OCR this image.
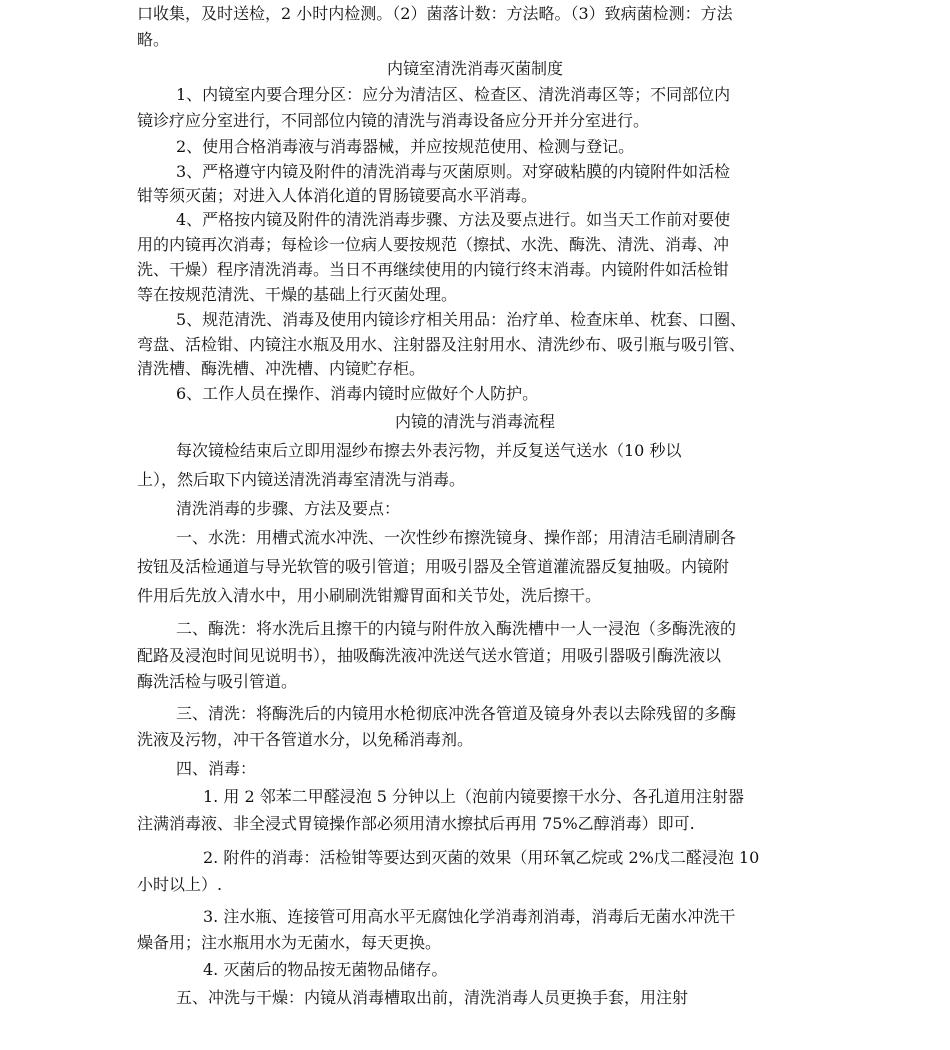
口收集，及时送检，2 小时内检测。（2）菌落计数：方法略。（3）致病菌检测：方法
略。
内镜室清洗消毒灭菌制度
1、内镜室内要合理分区：应分为清洁区、检查区、清洗消毒区等；不同部位内
镜诊疗应分室进行，不同部位内镜的清洗与消毒设备应分开并分室进行。
2、使用合格消毒液与消毒器械，并应按规范使用、检测与登记。
3、严格遵守内镜及附件的清洗消毒与灭菌原则。对穿破粘膜的内镜附件如活检
钳等须灭菌；对进入人体消化道的胃肠镜要高水平消毒。
4、严格按内镜及附件的清洗消毒步骤、方法及要点进行。如当天工作前对要使
用的内镜再次消毒；每检诊一位病人要按规范（擦拭、水洗、酶洗、清洗、消毒、冲
洗、干燥）程序清洗消毒。当日不再继续使用的内镜行终末消毒。内镜附件如活检钳
等在按规范清洗、干燥的基础上行灭菌处理。
5、规范清洗、消毒及使用内镜诊疗相关用品：治疗单、检查床单、枕套、口圈、
弯盘、活检钳、内镜注水瓶及用水、注射器及注射用水、清洗纱布、吸引瓶与吸引管、
清洗槽、酶洗槽、冲洗槽、内镜贮存柜。
6、工作人员在操作、消毒内镜时应做好个人防护。
内镜的清洗与消毒流程
每次镜检结束后立即用湿纱布擦去外表污物，并反复送气送水（10 秒以
上），然后取下内镜送清洗消毒室清洗与消毒。
清洗消毒的步骤、方法及要点：
一、水洗：用槽式流水冲洗、一次性纱布擦洗镜身、操作部；用清洁毛刷清刷各
按钮及活检通道与导光软管的吸引管道；用吸引器及全管道灌流器反复抽吸。内镜附
件用后先放入清水中，用小刷刷洗钳瓣胃面和关节处，洗后擦干。
二、酶洗：将水洗后且擦干的内镜与附件放入酶洗槽中一人一浸泡（多酶洗液的
配路及浸泡时间见说明书），抽吸酶洗液冲洗送气送水管道；用吸引器吸引酶洗液以
酶洗活检与吸引管道。
三、清洗：将酶洗后的内镜用水枪彻底冲洗各管道及镜身外表以去除残留的多酶
洗液及污物，冲干各管道水分，以免稀消毒剂。
四、消毒：
1. 用 2 邻苯二甲醛浸泡 5 分钟以上（泡前内镜要擦干水分、各孔道用注射器
注满消毒液、非全浸式胃镜操作部必须用清水擦拭后再用 75%乙醇消毒）即可.
2. 附件的消毒：活检钳等要达到灭菌的效果（用环氧乙烷或 2%戊二醛浸泡 10
小时以上）.
3. 注水瓶、连接管可用高水平无腐蚀化学消毒剂消毒，消毒后无菌水冲洗干
燥备用；注水瓶用水为无菌水，每天更换。
4. 灭菌后的物品按无菌物品储存。
五、冲洗与干燥：内镜从消毒槽取出前，清洗消毒人员更换手套，用注射
